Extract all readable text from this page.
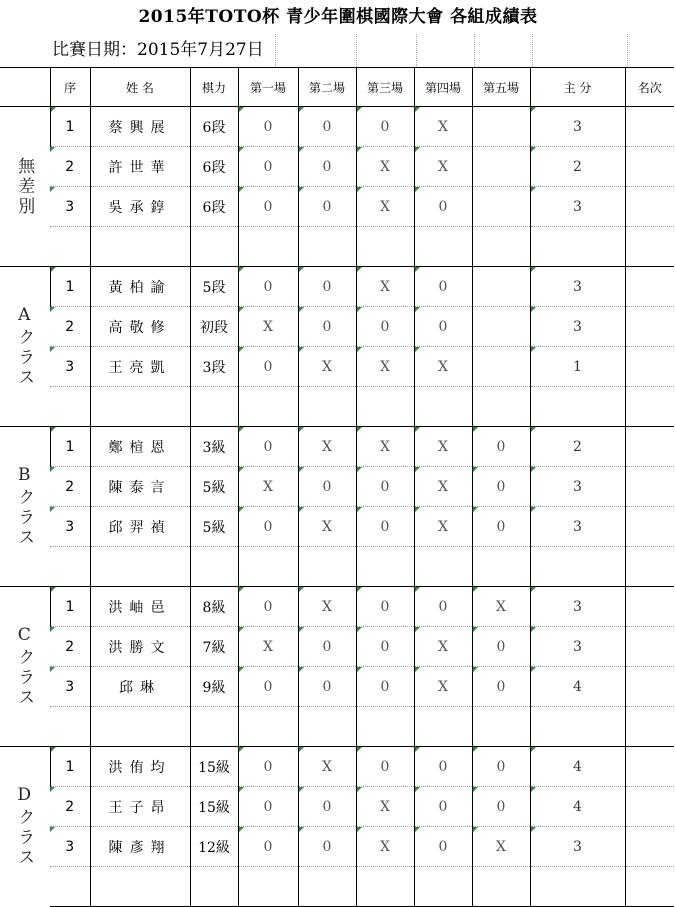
2015年TOTO杯 青少年圍棋國際大會 各組成績表
比賽日期：2015年7月27日
	序	姓 名	棋力	第一場	第二場	第三場	第四場	第五場	主 分	名次
無差別	1	蔡興展	6段	0	0	0	X		3

	2	許世華	6段	0	0	X	X		2

	3	吳承錞	6段	0	0	X	0		3

Aクラス	1	黃柏諭	5段	0	0	X	0		3

	2	高敬修	初段	X	0	0	0		3

	3	王亮凱	3段	0	X	X	X		1

Bクラス	1	鄭楦恩	3級	0	X	X	X	0	2

	2	陳泰言	5級	X	0	0	X	0	3

	3	邱羿禎	5級	0	X	0	X	0	3

Cクラス	1	洪岫邑	8級	0	X	0	0	X	3

	2	洪勝文	7級	X	0	0	X	0	3

	3	邱琳	9級	0	0	0	X	0	4

Dクラス	1	洪侑均	15級	0	X	0	0	0	4

	2	王子昂	15級	0	0	X	0	0	4

	3	陳彥翔	12級	0	0	X	0	X	3
